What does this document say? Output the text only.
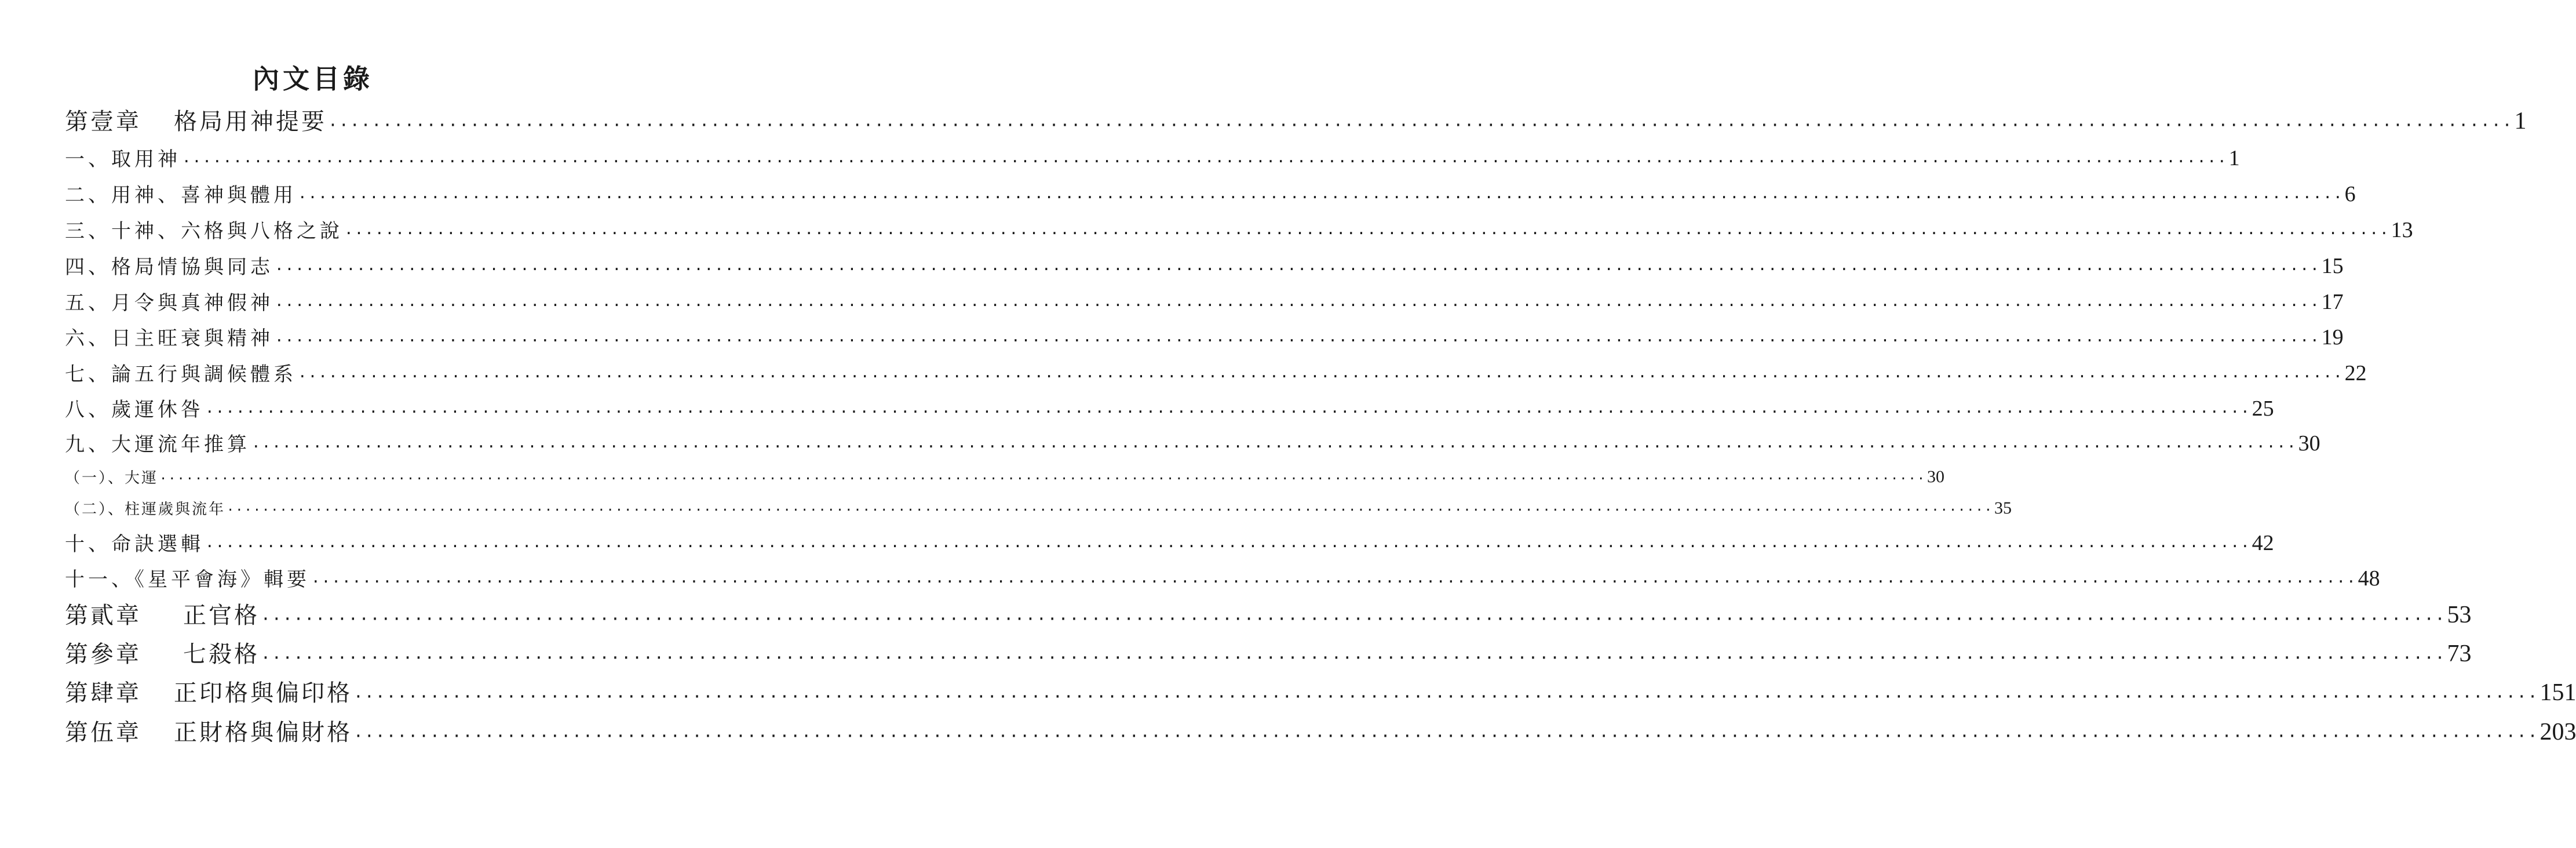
內文目錄
第壹章 格局用神提要 ········································································································································································································ 1
一、取用神 ········································································································································································································ 1
二、用神、喜神與體用 ········································································································································································································ 6
三、十神、六格與八格之說 ········································································································································································································ 13
四、格局情協與同志 ········································································································································································································ 15
五、月令與真神假神 ········································································································································································································ 17
六、日主旺衰與精神 ········································································································································································································ 19
七、論五行與調候體系 ········································································································································································································ 22
八、歲運休咎 ········································································································································································································ 25
九、大運流年推算 ········································································································································································································ 30
（一）、大運 ········································································································································································································ 30
（二）、柱運歲與流年 ········································································································································································································ 35
十、命訣選輯 ········································································································································································································ 42
十一、《星平會海》輯要 ········································································································································································································ 48
第貳章 正官格 ········································································································································································································ 53
第參章 七殺格 ········································································································································································································ 73
第肆章 正印格與偏印格 ········································································································································································································ 151
第伍章 正財格與偏財格 ········································································································································································································ 203
